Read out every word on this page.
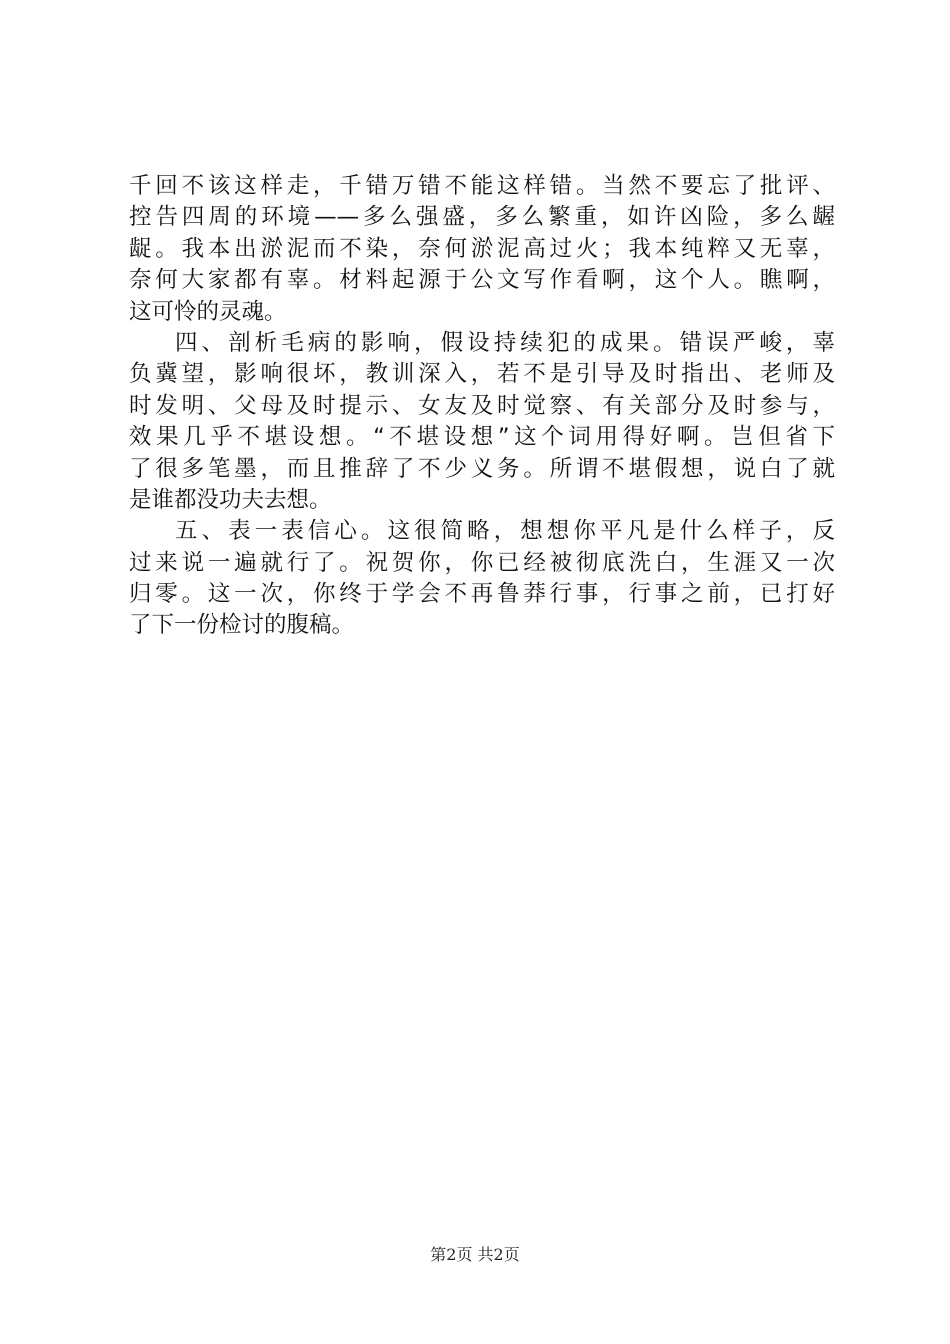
千回不该这样走，千错万错不能这样错。当然不要忘了批评、
控告四周的环境——多么强盛，多么繁重，如许凶险，多么龌
龊。我本出淤泥而不染，奈何淤泥高过火；我本纯粹又无辜，
奈何大家都有辜。材料起源于公文写作看啊，这个人。瞧啊，
这可怜的灵魂。
四、剖析毛病的影响，假设持续犯的成果。错误严峻，辜
负冀望，影响很坏，教训深入，若不是引导及时指出、老师及
时发明、父母及时提示、女友及时觉察、有关部分及时参与，
效果几乎不堪设想。“不堪设想”这个词用得好啊。岂但省下
了很多笔墨，而且推辞了不少义务。所谓不堪假想，说白了就
是谁都没功夫去想。
五、表一表信心。这很简略，想想你平凡是什么样子，反
过来说一遍就行了。祝贺你，你已经被彻底洗白，生涯又一次
归零。这一次，你终于学会不再鲁莽行事，行事之前，已打好
了下一份检讨的腹稿。
第2页 共2页
